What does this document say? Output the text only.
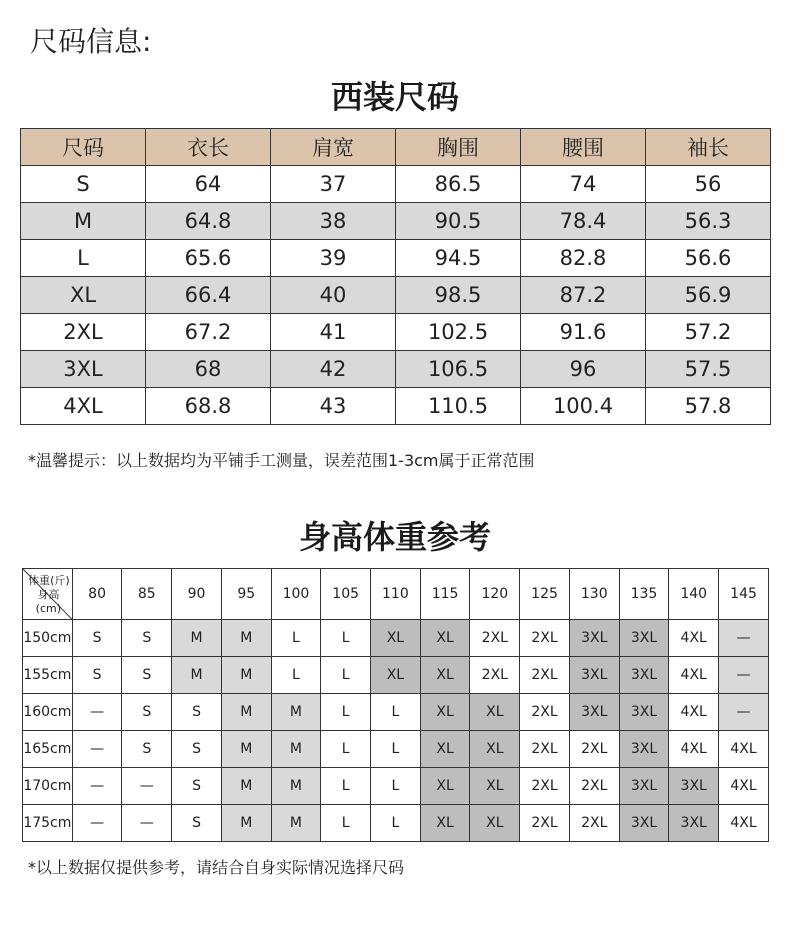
尺码信息:
西装尺码
尺码	衣长	肩宽	胸围	腰围	袖长
S	64	37	86.5	74	56
M	64.8	38	90.5	78.4	56.3
L	65.6	39	94.5	82.8	56.6
XL	66.4	40	98.5	87.2	56.9
2XL	67.2	41	102.5	91.6	57.2
3XL	68	42	106.5	96	57.5
4XL	68.8	43	110.5	100.4	57.8
*温馨提示：以上数据均为平铺手工测量，误差范围1-3cm属于正常范围
身高体重参考
体重(斤)
身高(cm)	80	85	90	95	100	105	110	115	120	125	130	135	140	145
150cm	S	S	M	M	L	L	XL	XL	2XL	2XL	3XL	3XL	4XL	—
155cm	S	S	M	M	L	L	XL	XL	2XL	2XL	3XL	3XL	4XL	—
160cm	—	S	S	M	M	L	L	XL	XL	2XL	3XL	3XL	4XL	—
165cm	—	S	S	M	M	L	L	XL	XL	2XL	2XL	3XL	4XL	4XL
170cm	—	—	S	M	M	L	L	XL	XL	2XL	2XL	3XL	3XL	4XL
175cm	—	—	S	M	M	L	L	XL	XL	2XL	2XL	3XL	3XL	4XL
*以上数据仅提供参考，请结合自身实际情况选择尺码
